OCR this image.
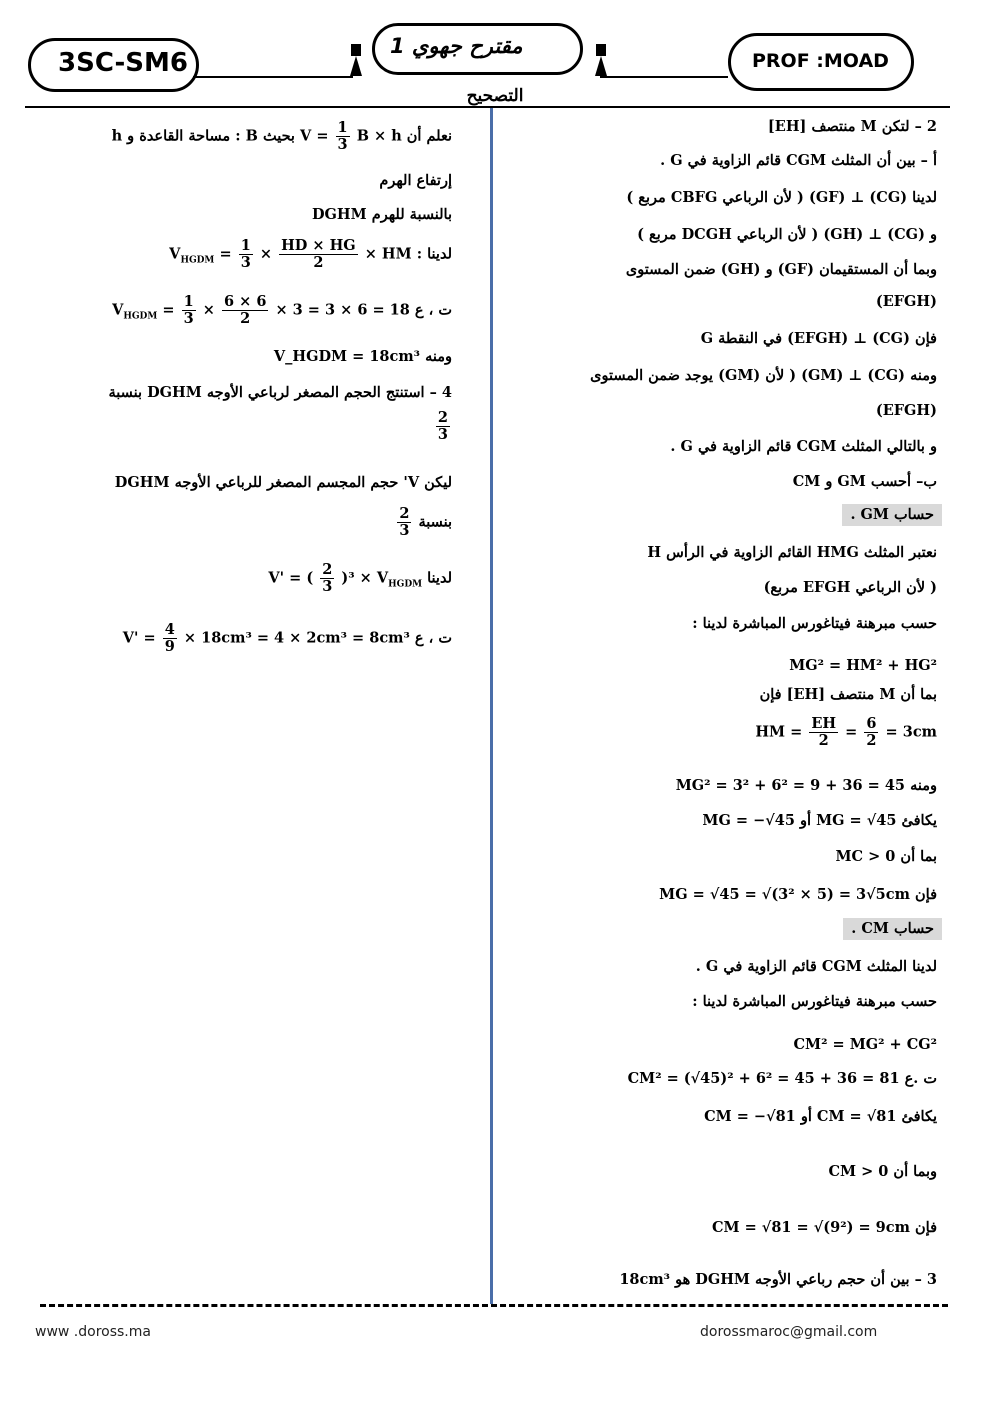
3SC-SM6
مقترح جهوي 1
PROF :MOAD
التصحيح
2 – لتكن M منتصف [EH]
أ – بين أن المثلث CGM قائم الزاوية في G .
لدينا (CG) ⊥ (GF) ( لأن الرباعي CBFG مربع )
و (CG) ⊥ (GH) ( لأن الرباعي DCGH مربع )
وبما أن المستقيمان (GF) و (GH) ضمن المستوى
(EFGH)
فإن (CG) ⊥ (EFGH) في النقطة G
ومنه (CG) ⊥ (GM) ( لأن (GM) يوجد ضمن المستوى
(EFGH)
و بالتالي المثلث CGM قائم الزاوية في G .
ب– أحسب GM و CM
حساب GM .
نعتبر المثلث HMG القائم الزاوية في الرأس H
( لأن الرباعي EFGH مربع)
حسب مبرهنة فيتاغورس المباشرة لدينا :
MG² = HM² + HG²
بما أن M منتصف [EH] فإن
HM = $\frac{EH}{2} = \frac{6}{2} = 3cm$
ومنه MG² = 3² + 6² = 9 + 36 = 45
يكافئ MG = √45 أو MG = −√45
بما أن MC > 0
فإن MG = √45 = √(3² × 5) = 3√5cm
حساب CM .
لدينا المثلث CGM قائم الزاوية في G .
حسب مبرهنة فيتاغورس المباشرة لدينا :
CM² = MG² + CG²
ت .ع CM² = (√45)² + 6² = 45 + 36 = 81
يكافئ CM = √81 أو CM = −√81
وبما أن CM > 0
فإن CM = √81 = √(9²) = 9cm
3 – بين أن حجم رباعي الأوجه DGHM هو 18cm³
نعلم أن V =
$\frac{1}{3}$
B × h بحيث B : مساحة القاعدة و h
إرتفاع الهرم
بالنسبة للهرم DGHM
لدينا : $V_{HGDM} = \frac{1}{3} \times \frac{HD \times HG}{2}$ × HM
ت ، ع $V_{HGDM} = \frac{1}{3} \times \frac{6 \times 6}{2} \times 3 = 3 \times 6 = 18$
ومنه V_HGDM = 18cm³
4 – استنتج الحجم المصغر لرباعي الأوجه DGHM بنسبة
$\frac{2}{3}$
ليكن V' حجم المجسم المصغر للرباعي الأوجه DGHM
بنسبة
$\frac{2}{3}$
لدينا V' = ( $\frac{2}{3} )^3 \times V_{HGDM}$
ت ، ع V' =
$\frac{4}{9} \times 18cm^3 = 4 \times 2cm^3 = 8cm^3$
www .doross.ma	dorossmaroc@gmail.com
